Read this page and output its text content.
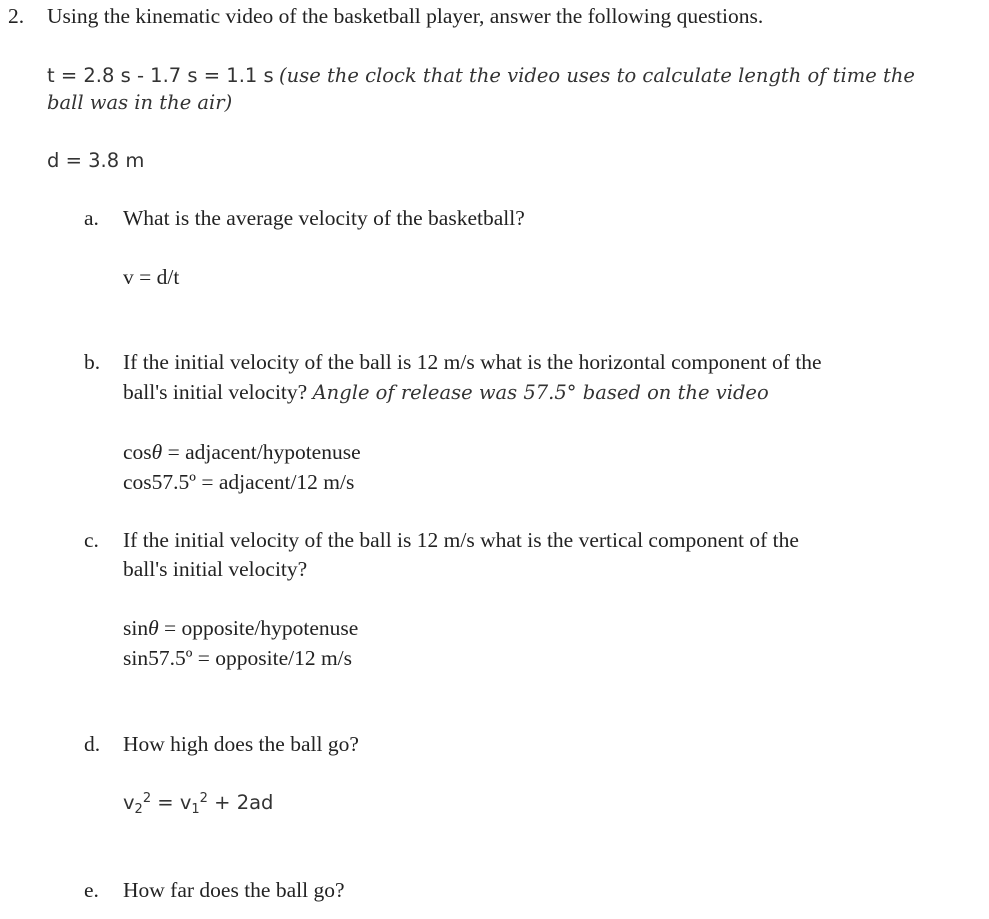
2. Using the kinematic video of the basketball player, answer the following questions.
t = 2.8 s - 1.7 s = 1.1 s (use the clock that the video uses to calculate length of time the
ball was in the air)
d = 3.8 m
a. What is the average velocity of the basketball?
v = d/t
b. If the initial velocity of the ball is 12 m/s what is the horizontal component of the
ball's initial velocity? Angle of release was 57.5° based on the video
cosθ = adjacent/hypotenuse
cos57.5º = adjacent/12 m/s
c. If the initial velocity of the ball is 12 m/s what is the vertical component of the
ball's initial velocity?
sinθ = opposite/hypotenuse
sin57.5º = opposite/12 m/s
d. How high does the ball go?
$v_2^2 = v_1^2 + 2ad$
e. How far does the ball go?
